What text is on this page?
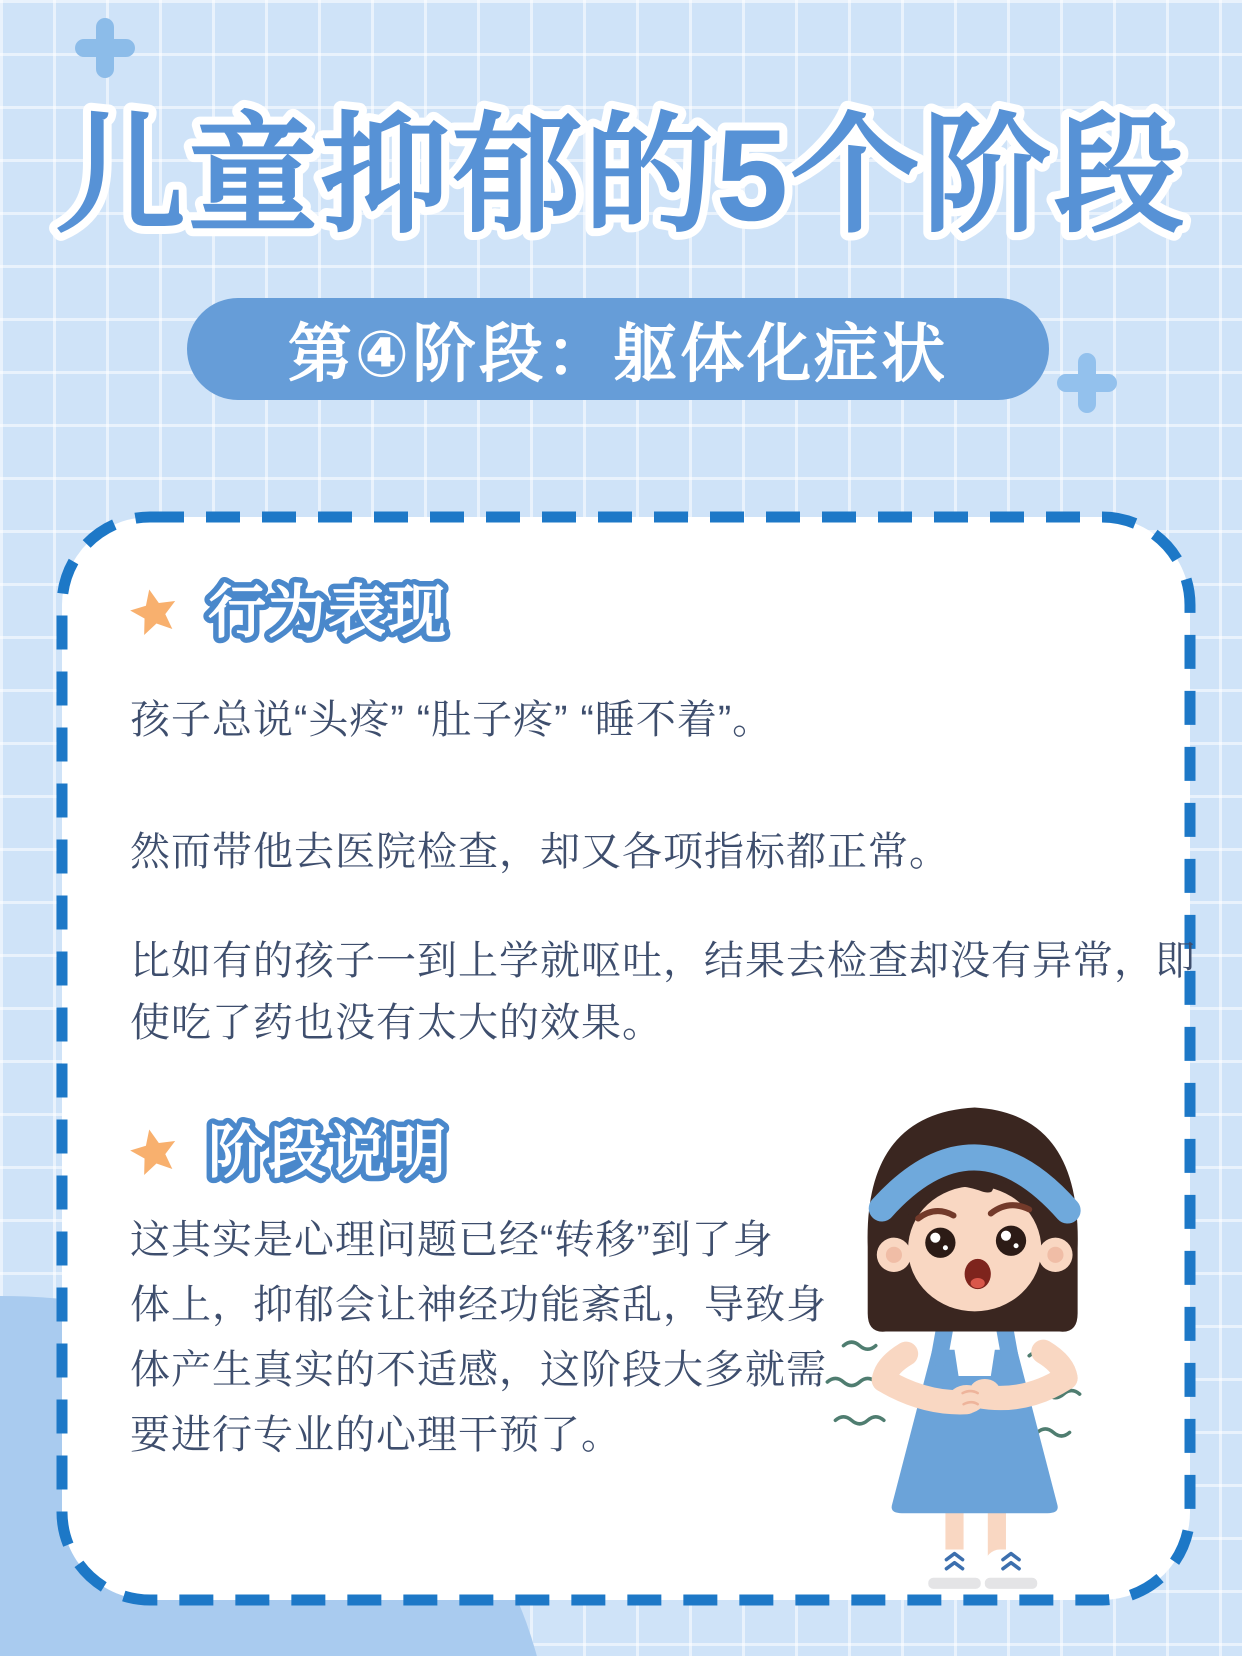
儿童抑郁的5个阶段
第④阶段：躯体化症状
行为表现
孩子总说“头疼” “肚子疼” “睡不着”。
然而带他去医院检查，却又各项指标都正常。
比如有的孩子一到上学就呕吐，结果去检查却没有异常，即
使吃了药也没有太大的效果。
阶段说明
这其实是心理问题已经“转移”到了身
体上，抑郁会让神经功能紊乱，导致身
体产生真实的不适感，这阶段大多就需
要进行专业的心理干预了。
